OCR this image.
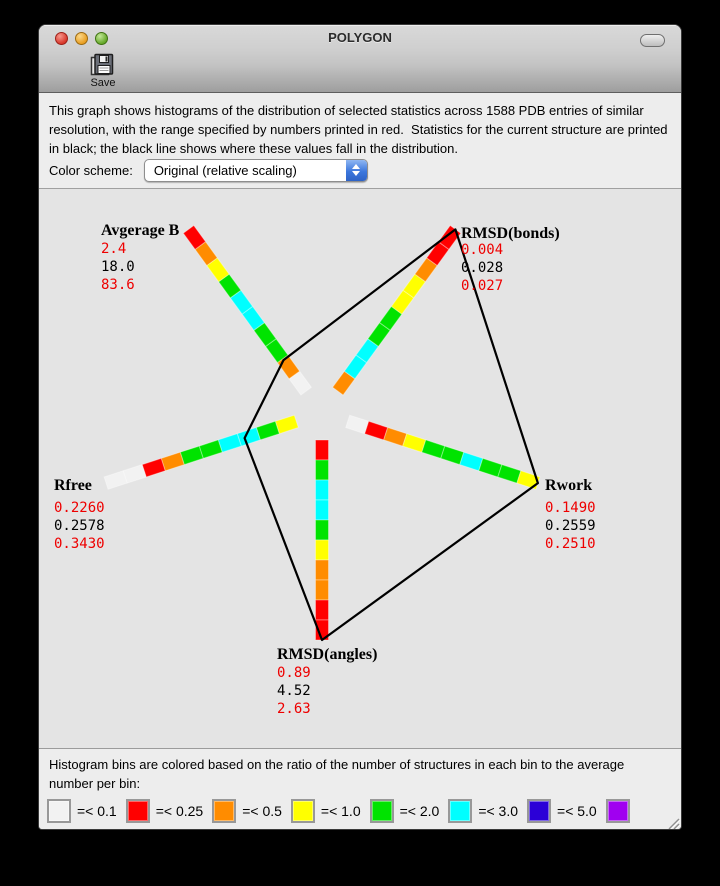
POLYGON
Save
This graph shows histograms of the distribution of selected statistics across 1588 PDB entries of similar resolution, with the range specified by numbers printed in red.  Statistics for the current structure are printed in black; the black line shows where these values fall in the distribution.
Color scheme: Original (relative scaling)
Avgerage B
2.4
18.0
83.6
RMSD(bonds)
0.004
0.028
0.027
Rwork
0.1490
0.2559
0.2510
RMSD(angles)
0.89
4.52
2.63
Rfree
0.2260
0.2578
0.3430
Histogram bins are colored based on the ratio of the number of structures in each bin to the average number per bin:
=< 0.1	=< 0.25	=< 0.5	=< 1.0	=< 2.0	=< 3.0	=< 5.0
